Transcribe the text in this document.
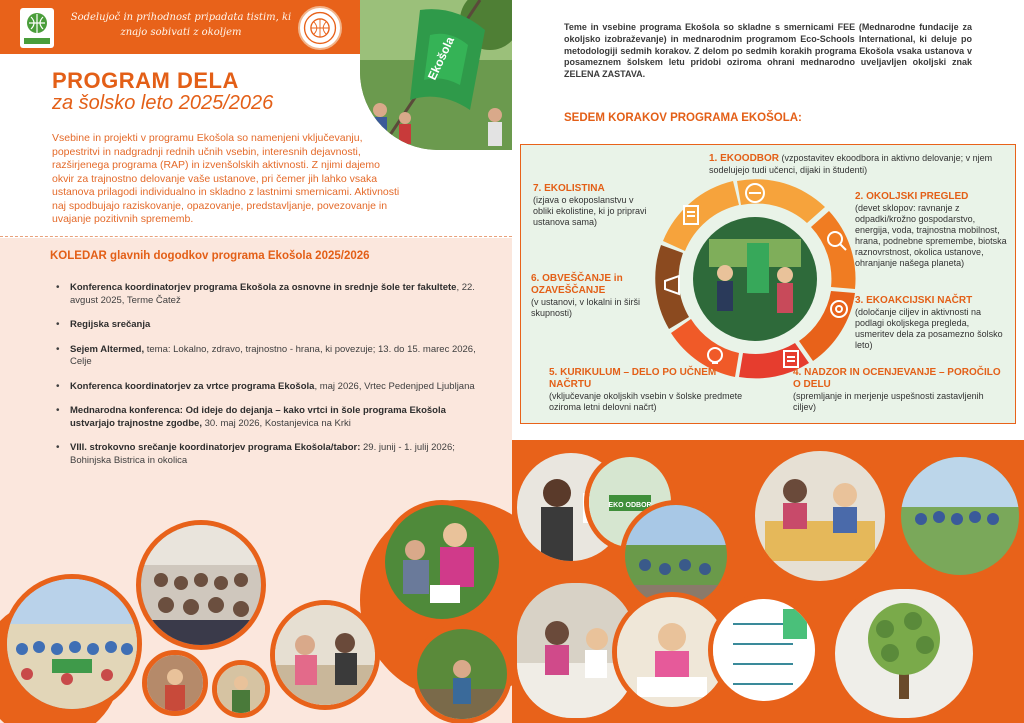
Sodelujoč in prihodnost pripadata tistim, ki znajo sobivati z okoljem
Ekošola
PROGRAM DELA
za šolsko leto 2025/2026
Vsebine in projekti v programu Ekošola so namenjeni vključevanju, popestritvi in nadgradnji rednih učnih vsebin, interesnih dejavnosti, razširjenega programa (RAP) in izvenšolskih aktivnosti. Z njimi dajemo okvir za trajnostno delovanje vaše ustanove, pri čemer jih lahko vsaka ustanova prilagodi individualno in skladno z lastnimi smernicami. Aktivnosti naj spodbujajo raziskovanje, opazovanje, predstavljanje, povezovanje in uvajanje pozitivnih sprememb.
KOLEDAR glavnih dogodkov programa Ekošola 2025/2026
• Konferenca koordinatorjev programa Ekošola za osnovne in srednje šole ter fakultete, 22. avgust 2025, Terme Čatež
• Regijska srečanja
• Sejem Altermed, tema: Lokalno, zdravo, trajnostno - hrana, ki povezuje; 13. do 15. marec 2026, Celje
• Konferenca koordinatorjev za vrtce programa Ekošola, maj 2026, Vrtec Pedenjped Ljubljana
• Mednarodna konferenca: Od ideje do dejanja – kako vrtci in šole programa Ekošola ustvarjajo trajnostne zgodbe, 30. maj 2026, Kostanjevica na Krki
• VIII. strokovno srečanje koordinatorjev programa Ekošola/tabor: 29. junij - 1. julij 2026; Bohinjska Bistrica in okolica
Teme in vsebine programa Ekošola so skladne s smernicami FEE (Mednarodne fundacije za okoljsko izobraževanje) in mednarodnim programom Eco-Schools International, ki deluje po metodologiji sedmih korakov. Z delom po sedmih korakih programa Ekošola vsaka ustanova v posameznem šolskem letu pridobi oziroma ohrani mednarodno uveljavljen okoljski znak ZELENA ZASTAVA.
SEDEM KORAKOV PROGRAMA EKOŠOLA:
1. EKOODBOR (vzpostavitev ekoodbora in aktivno delovanje; v njem sodelujejo tudi učenci, dijaki in študenti)
2. OKOLJSKI PREGLED
(devet sklopov: ravnanje z odpadki/krožno gospodarstvo, energija, voda, trajnostna mobilnost, hrana, podnebne spremembe, biotska raznovrstnost, okolica ustanove, ohranjanje našega planeta)
3. EKOAKCIJSKI NAČRT
(določanje ciljev in aktivnosti na podlagi okoljskega pregleda, usmeritev dela za posamezno šolsko leto)
4. NADZOR IN OCENJEVANJE – POROČILO O DELU
(spremljanje in merjenje uspešnosti zastavljenih ciljev)
5. KURIKULUM – DELO PO UČNEM NAČRTU
(vključevanje okoljskih vsebin v šolske predmete oziroma letni delovni načrt)
6. OBVEŠČANJE in OZAVEŠČANJE
(v ustanovi, v lokalni in širši skupnosti)
7. EKOLISTINA
(izjava o ekoposlanstvu v obliki ekolistine, ki jo pripravi ustanova sama)
EKO ODBOR
